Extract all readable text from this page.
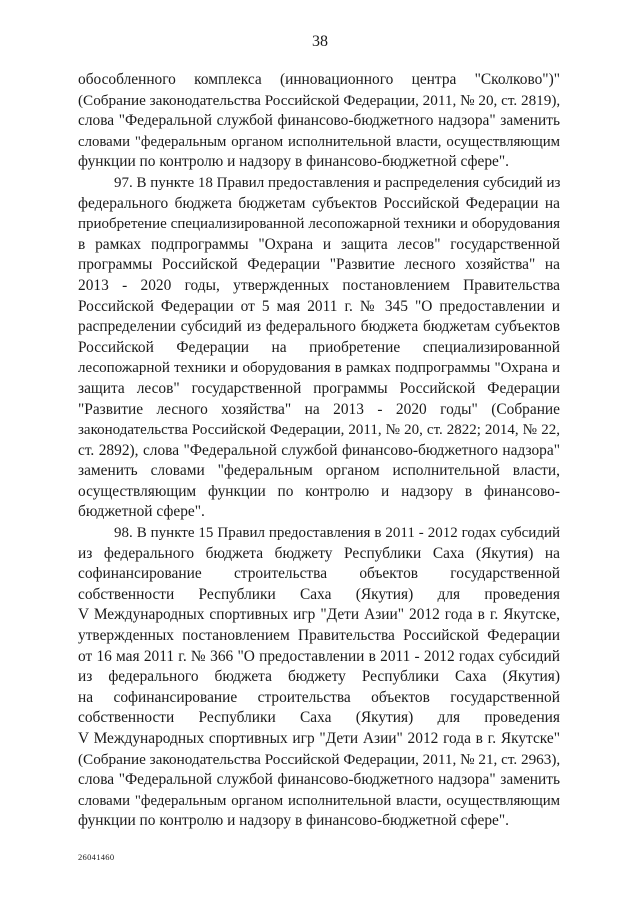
38
обособленного комплекса (инновационного центра "Сколково")"
(Собрание законодательства Российской Федерации, 2011, № 20, ст. 2819),
слова "Федеральной службой финансово-бюджетного надзора" заменить
словами "федеральным органом исполнительной власти, осуществляющим
функции по контролю и надзору в финансово-бюджетной сфере".
97. В пункте 18 Правил предоставления и распределения субсидий из
федерального бюджета бюджетам субъектов Российской Федерации на
приобретение специализированной лесопожарной техники и оборудования
в рамках подпрограммы "Охрана и защита лесов" государственной
программы Российской Федерации "Развитие лесного хозяйства" на
2013 - 2020 годы, утвержденных постановлением Правительства
Российской Федерации от 5 мая 2011 г. № 345 "О предоставлении и
распределении субсидий из федерального бюджета бюджетам субъектов
Российской Федерации на приобретение специализированной
лесопожарной техники и оборудования в рамках подпрограммы "Охрана и
защита лесов" государственной программы Российской Федерации
"Развитие лесного хозяйства" на 2013 - 2020 годы" (Собрание
законодательства Российской Федерации, 2011, № 20, ст. 2822; 2014, № 22,
ст. 2892), слова "Федеральной службой финансово-бюджетного надзора"
заменить словами "федеральным органом исполнительной власти,
осуществляющим функции по контролю и надзору в финансово-
бюджетной сфере".
98. В пункте 15 Правил предоставления в 2011 - 2012 годах субсидий
из федерального бюджета бюджету Республики Саха (Якутия) на
софинансирование строительства объектов государственной
собственности Республики Саха (Якутия) для проведения
V Международных спортивных игр "Дети Азии" 2012 года в г. Якутске,
утвержденных постановлением Правительства Российской Федерации
от 16 мая 2011 г. № 366 "О предоставлении в 2011 - 2012 годах субсидий
из федерального бюджета бюджету Республики Саха (Якутия)
на софинансирование строительства объектов государственной
собственности Республики Саха (Якутия) для проведения
V Международных спортивных игр "Дети Азии" 2012 года в г. Якутске"
(Собрание законодательства Российской Федерации, 2011, № 21, ст. 2963),
слова "Федеральной службой финансово-бюджетного надзора" заменить
словами "федеральным органом исполнительной власти, осуществляющим
функции по контролю и надзору в финансово-бюджетной сфере".
26041460
